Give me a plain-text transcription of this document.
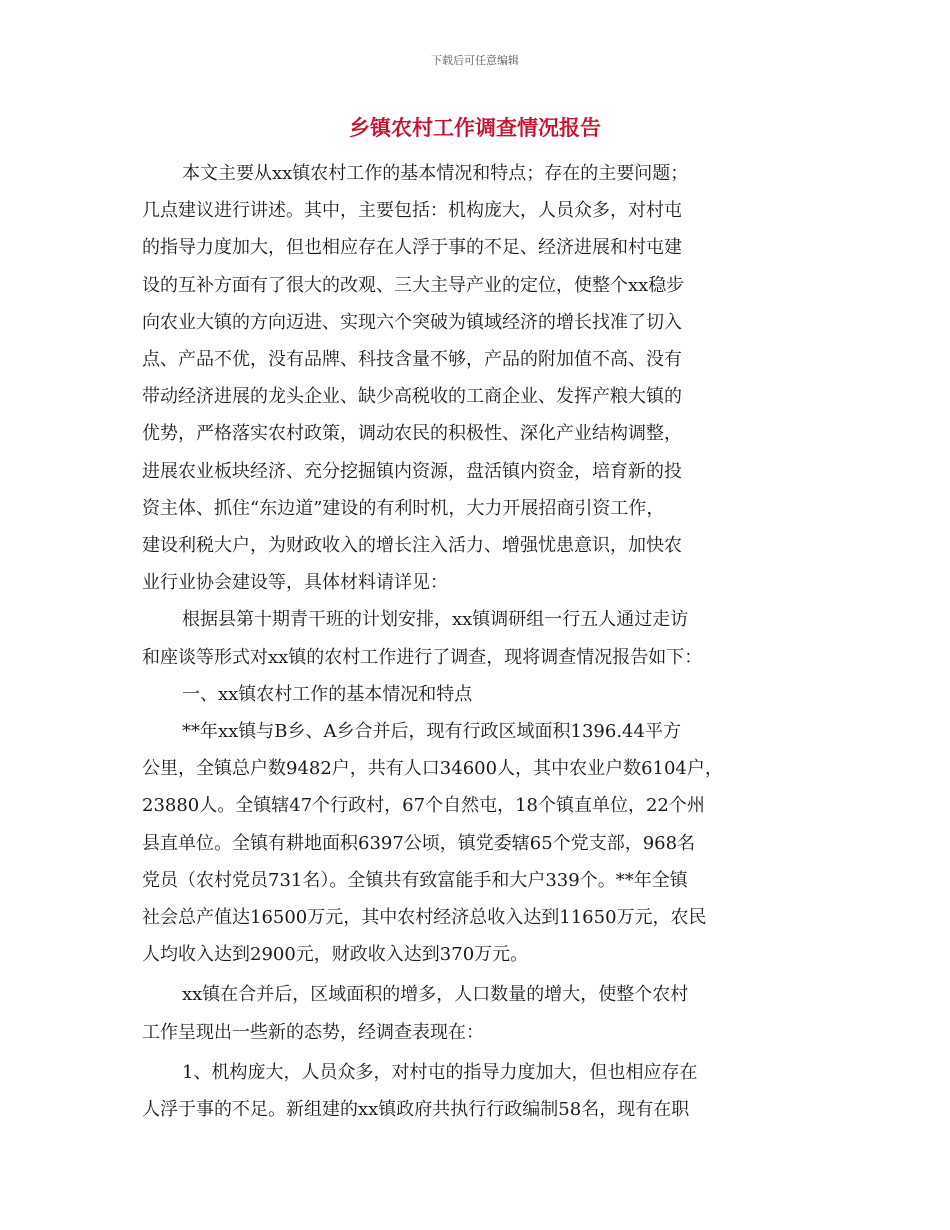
下载后可任意编辑
乡镇农村工作调查情况报告

本文主要从xx镇农村工作的基本情况和特点；存在的主要问题；

几点建议进行讲述。其中，主要包括：机构庞大，人员众多，对村屯

的指导力度加大，但也相应存在人浮于事的不足、经济进展和村屯建

设的互补方面有了很大的改观、三大主导产业的定位，使整个xx稳步

向农业大镇的方向迈进、实现六个突破为镇域经济的增长找准了切入

点、产品不优，没有品牌、科技含量不够，产品的附加值不高、没有

带动经济进展的龙头企业、缺少高税收的工商企业、发挥产粮大镇的

优势，严格落实农村政策，调动农民的积极性、深化产业结构调整，

进展农业板块经济、充分挖掘镇内资源，盘活镇内资金，培育新的投

资主体、抓住“东边道”建设的有利时机，大力开展招商引资工作，

建设利税大户，为财政收入的增长注入活力、增强忧患意识，加快农

业行业协会建设等，具体材料请详见：

根据县第十期青干班的计划安排，xx镇调研组一行五人通过走访

和座谈等形式对xx镇的农村工作进行了调查，现将调查情况报告如下：

一、xx镇农村工作的基本情况和特点

**年xx镇与B乡、A乡合并后，现有行政区域面积1396.44平方

公里，全镇总户数9482户，共有人口34600人，其中农业户数6104户，

23880人。全镇辖47个行政村，67个自然屯，18个镇直单位，22个州

县直单位。全镇有耕地面积6397公顷，镇党委辖65个党支部，968名

党员（农村党员731名）。全镇共有致富能手和大户339个。**年全镇

社会总产值达16500万元，其中农村经济总收入达到11650万元，农民

人均收入达到2900元，财政收入达到370万元。

xx镇在合并后，区域面积的增多，人口数量的增大，使整个农村

工作呈现出一些新的态势，经调查表现在：

1、机构庞大，人员众多，对村屯的指导力度加大，但也相应存在

人浮于事的不足。新组建的xx镇政府共执行行政编制58名，现有在职
